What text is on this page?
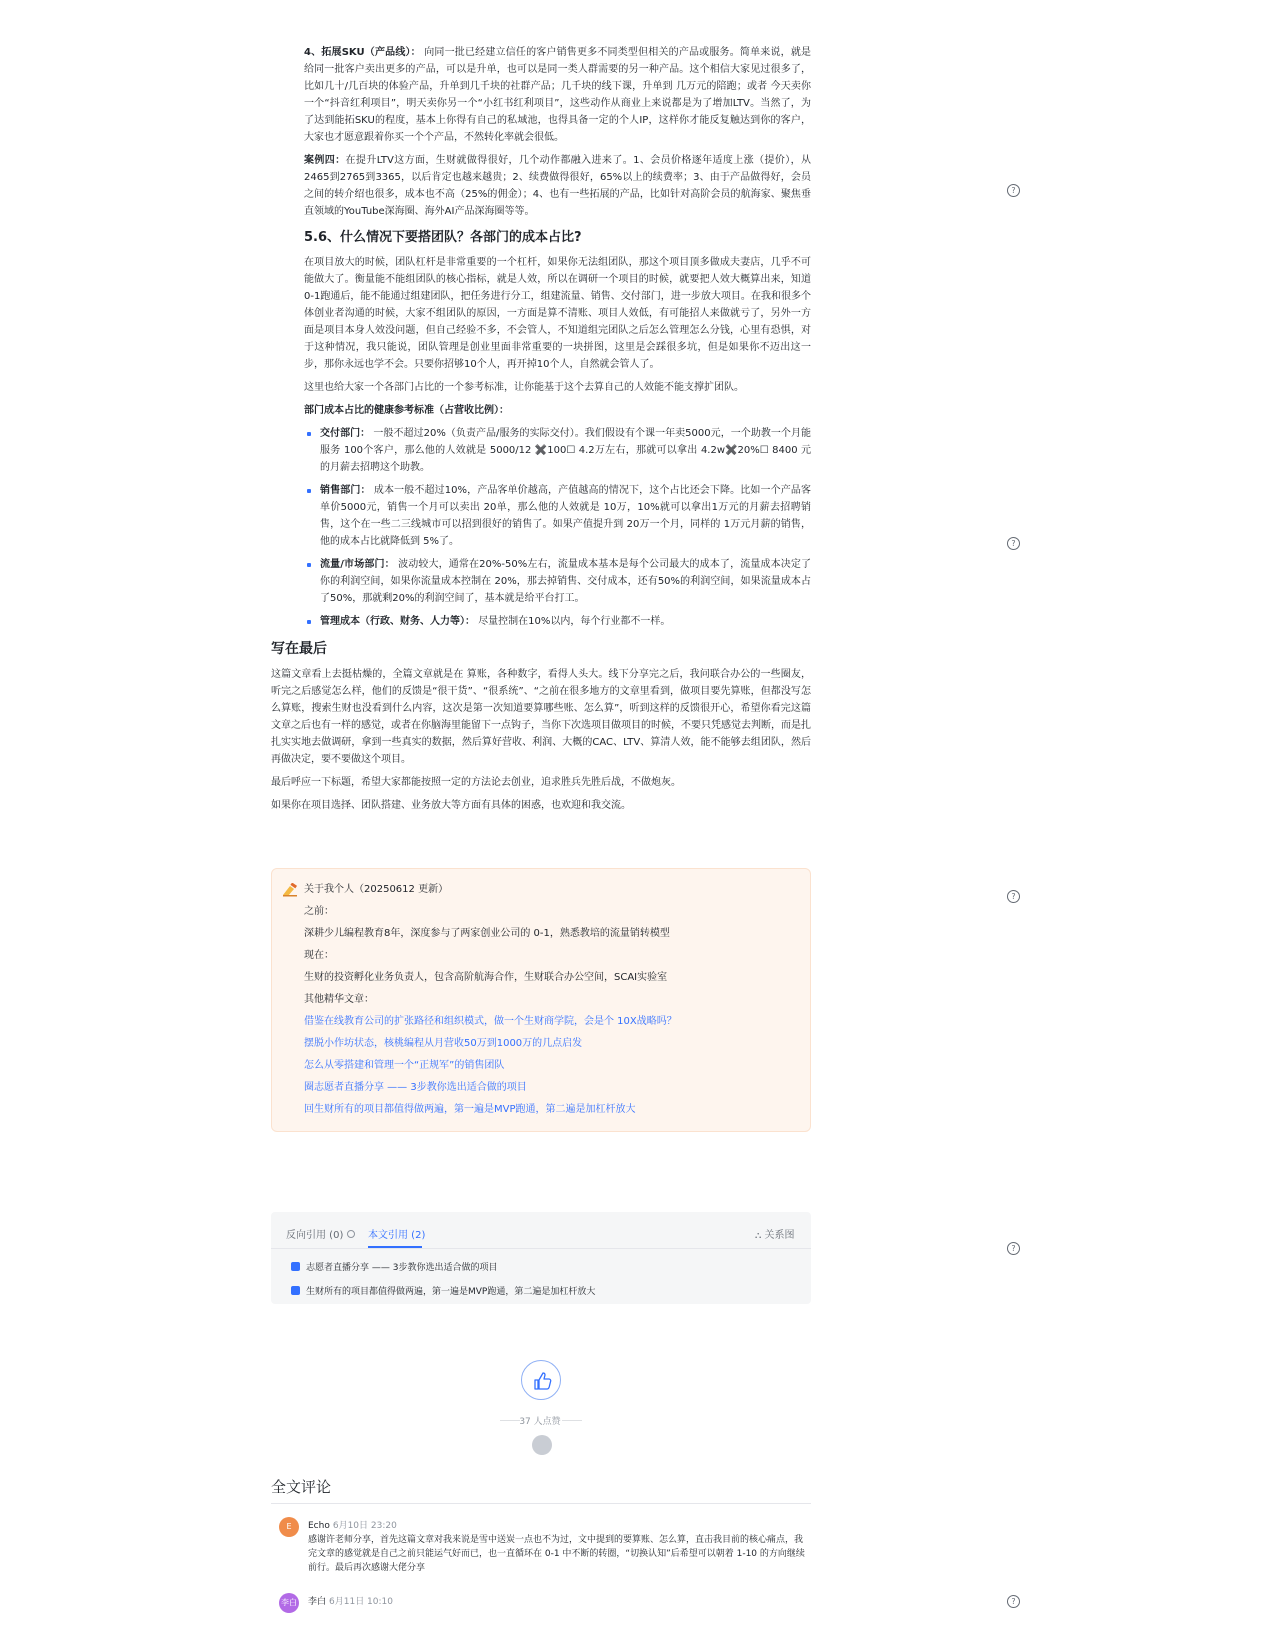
4、拓展SKU（产品线）： 向同一批已经建立信任的客户销售更多不同类型但相关的产品或服务。简单来说，就是给同一批客户卖出更多的产品，可以是升单，也可以是同一类人群需要的另一种产品。这个相信大家见过很多了，比如几十/几百块的体验产品，升单到几千块的社群产品；几千块的线下课，升单到 几万元的陪跑；或者 今天卖你一个“抖音红利项目”，明天卖你另一个“小红书红利项目”，这些动作从商业上来说都是为了增加LTV。当然了，为了达到能拓SKU的程度，基本上你得有自己的私域池，也得具备一定的个人IP，这样你才能反复触达到你的客户，大家也才愿意跟着你买一个个产品，不然转化率就会很低。

案例四：在提升LTV这方面，生财就做得很好，几个动作都融入进来了。1、会员价格逐年适度上涨（提价），从2465到2765到3365，以后肯定也越来越贵；2、续费做得很好，65%以上的续费率；3、由于产品做得好，会员之间的转介绍也很多，成本也不高（25%的佣金）；4、也有一些拓展的产品，比如针对高阶会员的航海家、聚焦垂直领域的YouTube深海圈、海外AI产品深海圈等等。

5.6、什么情况下要搭团队？各部门的成本占比?

在项目放大的时候，团队杠杆是非常重要的一个杠杆，如果你无法组团队，那这个项目顶多做成夫妻店，几乎不可能做大了。衡量能不能组团队的核心指标，就是人效，所以在调研一个项目的时候，就要把人效大概算出来，知道0-1跑通后，能不能通过组建团队，把任务进行分工，组建流量、销售、交付部门，进一步放大项目。在我和很多个体创业者沟通的时候，大家不组团队的原因，一方面是算不清账、项目人效低，有可能招人来做就亏了，另外一方面是项目本身人效没问题，但自己经验不多，不会管人，不知道组完团队之后怎么管理怎么分钱，心里有恐惧，对于这种情况，我只能说，团队管理是创业里面非常重要的一块拼图，这里是会踩很多坑，但是如果你不迈出这一步，那你永远也学不会。只要你招够10个人，再开掉10个人，自然就会管人了。

这里也给大家一个各部门占比的一个参考标准，让你能基于这个去算自己的人效能不能支撑扩团队。

部门成本占比的健康参考标准（占营收比例）：

交付部门： 一般不超过20%（负责产品/服务的实际交付）。我们假设有个课一年卖5000元，一个助教一个月能服务 100个客户，那么他的人效就是 5000/12 ✖️100☐ 4.2万左右，那就可以拿出 4.2w✖️20%☐ 8400 元的月薪去招聘这个助教。
销售部门： 成本一般不超过10%，产品客单价越高，产值越高的情况下，这个占比还会下降。比如一个产品客单价5000元，销售一个月可以卖出 20单，那么他的人效就是 10万，10%就可以拿出1万元的月薪去招聘销售，这个在一些二三线城市可以招到很好的销售了。如果产值提升到 20万一个月，同样的 1万元月薪的销售，他的成本占比就降低到 5%了。
流量/市场部门： 波动较大，通常在20%-50%左右，流量成本基本是每个公司最大的成本了，流量成本决定了你的利润空间，如果你流量成本控制在 20%，那去掉销售、交付成本，还有50%的利润空间，如果流量成本占了50%，那就剩20%的利润空间了，基本就是给平台打工。
管理成本（行政、财务、人力等）： 尽量控制在10%以内，每个行业都不一样。
写在最后

这篇文章看上去挺枯燥的，全篇文章就是在 算账，各种数字，看得人头大。线下分享完之后，我问联合办公的一些圈友，听完之后感觉怎么样，他们的反馈是“很干货”、“很系统”、“之前在很多地方的文章里看到，做项目要先算账，但都没写怎么算账，搜索生财也没看到什么内容，这次是第一次知道要算哪些账、怎么算”，听到这样的反馈很开心，希望你看完这篇文章之后也有一样的感觉，或者在你脑海里能留下一点钩子，当你下次选项目做项目的时候，不要只凭感觉去判断，而是扎扎实实地去做调研，拿到一些真实的数据，然后算好营收、利润、大概的CAC、LTV、算清人效，能不能够去组团队，然后再做决定，要不要做这个项目。

最后呼应一下标题，希望大家都能按照一定的方法论去创业，追求胜兵先胜后战，不做炮灰。

如果你在项目选择、团队搭建、业务放大等方面有具体的困惑，也欢迎和我交流。

关于我个人（20250612 更新）
之前：
深耕少儿编程教育8年，深度参与了两家创业公司的 0-1，熟悉教培的流量销转模型
现在：
生财的投资孵化业务负责人，包含高阶航海合作，生财联合办公空间，SCAI实验室
其他精华文章：
借鉴在线教育公司的扩张路径和组织模式，做一个生财商学院，会是个 10X战略吗？
摆脱小作坊状态，核桃编程从月营收50万到1000万的几点启发
怎么从零搭建和管理一个“正规军”的销售团队
圈志愿者直播分享 —— 3步教你选出适合做的项目
回生财所有的项目都值得做两遍，第一遍是MVP跑通，第二遍是加杠杆放大
反向引用 (0)	本文引用 (2)	⛬ 关系图
志愿者直播分享 —— 3步教你选出适合做的项目
生财所有的项目都值得做两遍，第一遍是MVP跑通，第二遍是加杠杆放大
37 人点赞
全文评论
E	Echo 6月10日 23:20
感谢许老师分享，首先这篇文章对我来说是雪中送炭一点也不为过，文中提到的要算账、怎么算，直击我目前的核心痛点，我完文章的感觉就是自己之前只能运气好而已，也一直循环在 0-1 中不断的转圈，“切换认知”后希望可以朝着 1-10 的方向继续前行。最后再次感谢大佬分享
李白 李白 6月11日 10:10
?
?
?
?
?
